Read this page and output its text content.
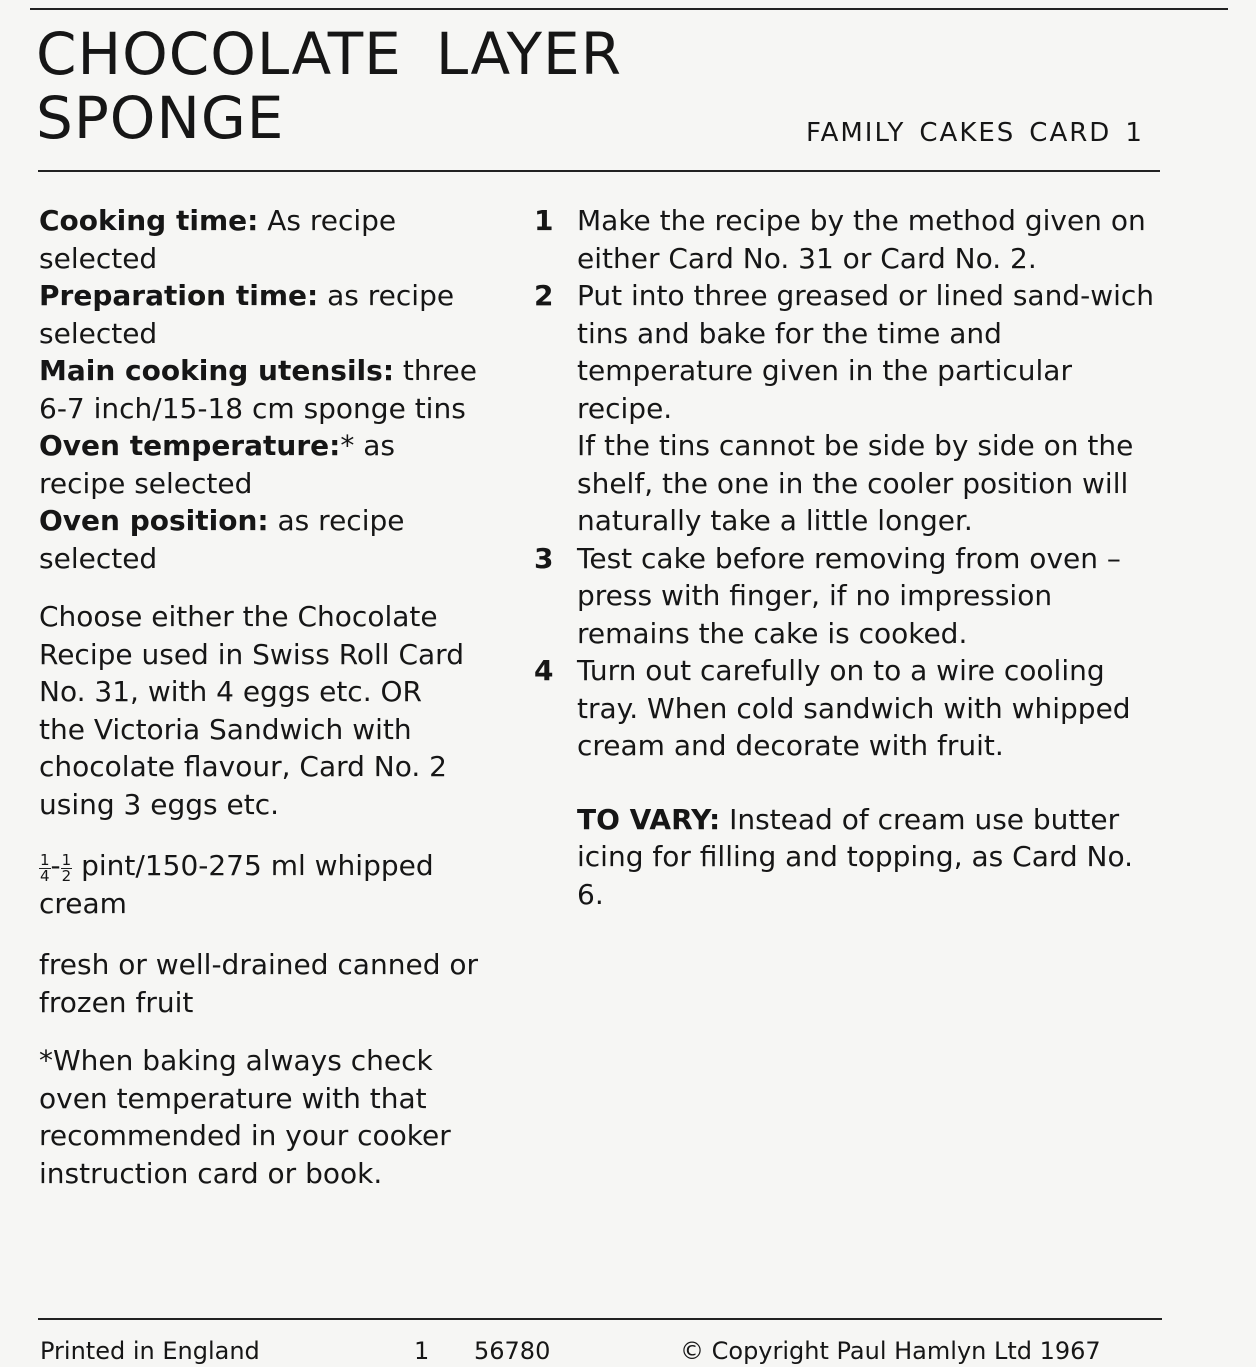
CHOCOLATE LAYER
SPONGE	FAMILY CAKES CARD 1

Cooking time: As recipe selected

Preparation time: as recipe selected

Main cooking utensils: three 6-7 inch/15-18 cm sponge tins

Oven temperature:* as recipe selected

Oven position: as recipe selected

Choose either the Chocolate Recipe used in Swiss Roll Card No. 31, with 4 eggs etc. OR

the Victoria Sandwich with chocolate flavour, Card No. 2 using 3 eggs etc.

$\frac{1}{4} - \frac{1}{2}$ pint/150-275 ml whipped cream

fresh or well-drained canned or frozen fruit

*When baking always check oven temperature with that recommended in your cooker instruction card or book.

1 Make the recipe by the method given on either Card No. 31 or Card No. 2.

2 Put into three greased or lined sand-wich tins and bake for the time and temperature given in the particular recipe.

If the tins cannot be side by side on the shelf, the one in the cooler position will naturally take a little longer.

3 Test cake before removing from oven – press with finger, if no impression remains the cake is cooked.

4 Turn out carefully on to a wire cooling tray. When cold sandwich with whipped cream and decorate with fruit.

TO VARY: Instead of cream use butter icing for filling and topping, as Card No. 6.

Printed in England	1 56780	© Copyright Paul Hamlyn Ltd 1967
